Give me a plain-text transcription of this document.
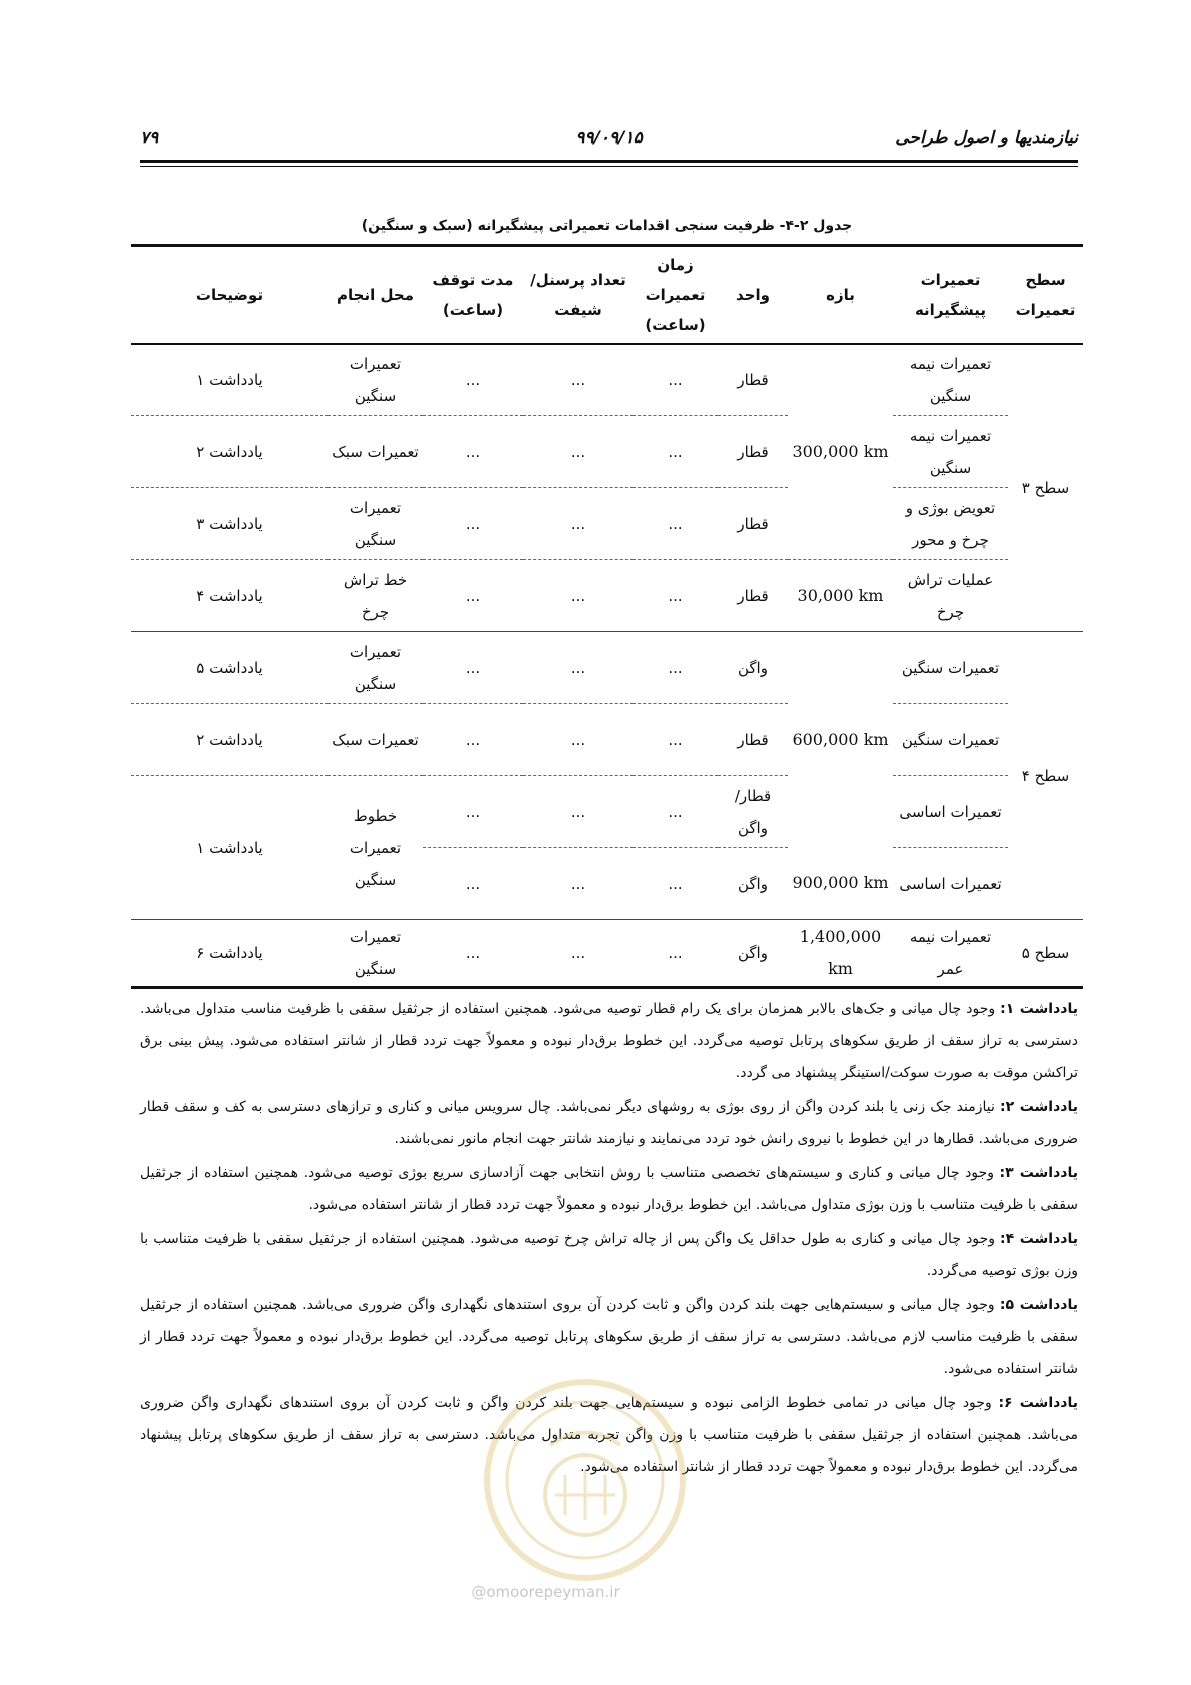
نیازمندیها و اصول طراحی
۹۹/۰۹/۱۵
۷۹
جدول ۲-۴- ظرفیت سنجی اقدامات تعمیراتی پیشگیرانه (سبک و سنگین)
سطح تعمیرات	تعمیرات پیشگیرانه	بازه	واحد	زمان تعمیرات (ساعت)	تعداد پرسنل/شیفت	مدت توقف (ساعت)	محل انجام	توضیحات
سطح ۳	تعمیرات نیمه سنگین	300,000 km	قطار	...	...	...	تعمیرات سنگین	یادداشت ۱
	تعمیرات نیمه سنگین		قطار	...	...	...	تعمیرات سبک	یادداشت ۲
	تعویض بوژی و چرخ و محور		قطار	...	...	...	تعمیرات سنگین	یادداشت ۳
	عملیات تراش چرخ	30,000 km	قطار	...	...	...	خط تراش چرخ	یادداشت ۴
سطح ۴	تعمیرات سنگین	600,000 km	واگن	...	...	...	تعمیرات سنگین	یادداشت ۵
	تعمیرات سنگین		قطار	...	...	...	تعمیرات سبک	یادداشت ۲
	تعمیرات اساسی		قطار/ واگن	...	...	...	خطوط تعمیرات سنگین	یادداشت ۱
	تعمیرات اساسی	900,000 km	واگن	...	...	...		
سطح ۵	تعمیرات نیمه عمر	1,400,000 km	واگن	...	...	...	تعمیرات سنگین	یادداشت ۶

یادداشت ۱: وجود چال میانی و جک‌های بالابر همزمان برای یک رام قطار توصیه می‌شود. همچنین استفاده از جرثقیل سقفی با ظرفیت مناسب متداول می‌باشد. دسترسی به تراز سقف از طریق سکوهای پرتابل توصیه می‌گردد. این خطوط برق‌دار نبوده و معمولاً جهت تردد قطار از شانتر استفاده می‌شود. پیش بینی برق تراکشن موقت به صورت سوکت/استینگر پیشنهاد می گردد.

یادداشت ۲: نیازمند جک زنی یا بلند کردن واگن از روی بوژی به روشهای دیگر نمی‌باشد. چال سرویس میانی و کناری و ترازهای دسترسی به کف و سقف قطار ضروری می‌باشد. قطارها در این خطوط با نیروی رانش خود تردد می‌نمایند و نیازمند شانتر جهت انجام مانور نمی‌باشند.

یادداشت ۳: وجود چال میانی و کناری و سیستم‌های تخصصی متناسب با روش انتخابی جهت آزادسازی سریع بوژی توصیه می‌شود. همچنین استفاده از جرثقیل سقفی با ظرفیت متناسب با وزن بوژی متداول می‌باشد. این خطوط برق‌دار نبوده و معمولاً جهت تردد قطار از شانتر استفاده می‌شود.

یادداشت ۴: وجود چال میانی و کناری به طول حداقل یک واگن پس از چاله تراش چرخ توصیه می‌شود. همچنین استفاده از جرثقیل سقفی با ظرفیت متناسب با وزن بوژی توصیه می‌گردد.

یادداشت ۵: وجود چال میانی و سیستم‌هایی جهت بلند کردن واگن و ثابت کردن آن بروی استندهای نگهداری واگن ضروری می‌باشد. همچنین استفاده از جرثقیل سقفی با ظرفیت مناسب لازم می‌باشد. دسترسی به تراز سقف از طریق سکوهای پرتابل توصیه می‌گردد. این خطوط برق‌دار نبوده و معمولاً جهت تردد قطار از شانتر استفاده می‌شود.

یادداشت ۶: وجود چال میانی در تمامی خطوط الزامی نبوده و سیستم‌هایی جهت بلند کردن واگن و ثابت کردن آن بروی استندهای نگهداری واگن ضروری می‌باشد. همچنین استفاده از جرثقیل سقفی با ظرفیت متناسب با وزن واگن تجربه متداول می‌باشد. دسترسی به تراز سقف از طریق سکوهای پرتابل پیشنهاد می‌گردد. این خطوط برق‌دار نبوده و معمولاً جهت تردد قطار از شانتر استفاده می‌شود.

@omoorepeyman.ir
